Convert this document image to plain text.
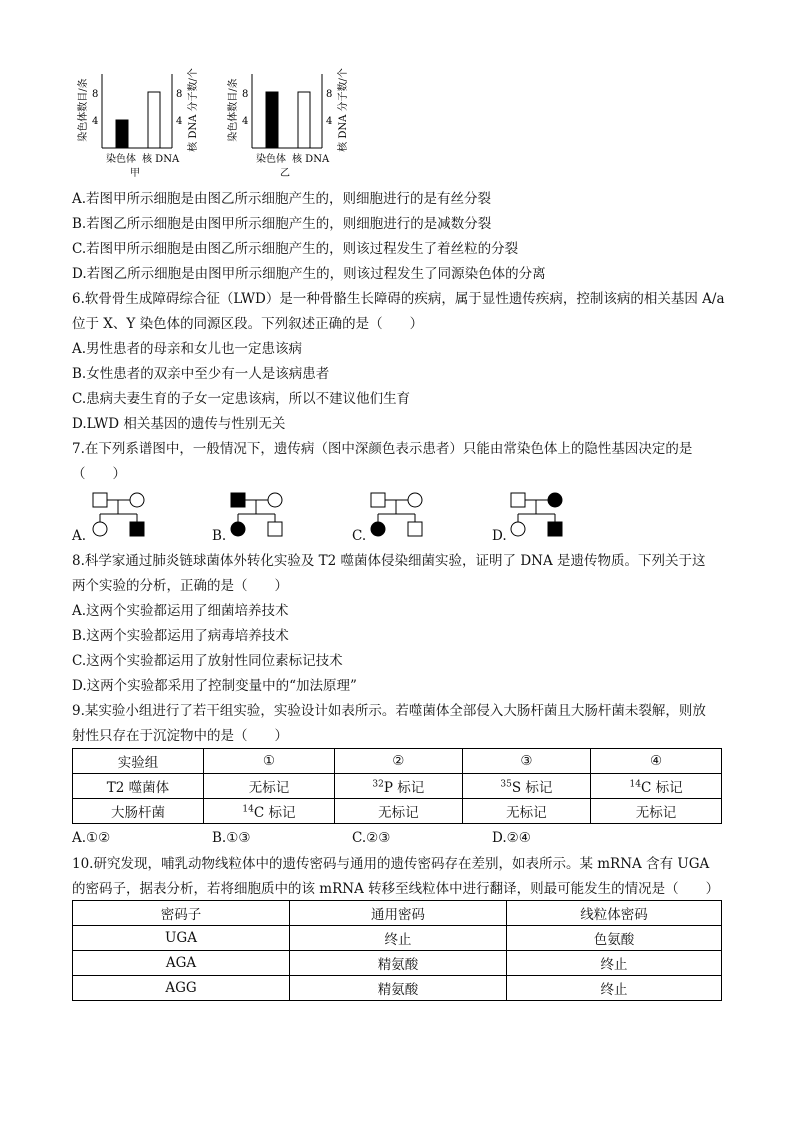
染色体数目/条 8
4
8
4 核 DNA 分子数/个
染色体 核 DNA
甲
染色体数目/条 8
4
8
4 核 DNA 分子数/个
染色体 核 DNA
乙
A.若图甲所示细胞是由图乙所示细胞产生的，则细胞进行的是有丝分裂
B.若图乙所示细胞是由图甲所示细胞产生的，则细胞进行的是减数分裂
C.若图甲所示细胞是由图乙所示细胞产生的，则该过程发生了着丝粒的分裂
D.若图乙所示细胞是由图甲所示细胞产生的，则该过程发生了同源染色体的分离
6.软骨骨生成障碍综合征（LWD）是一种骨骼生长障碍的疾病，属于显性遗传疾病，控制该病的相关基因 A/a
位于 X、Y 染色体的同源区段。下列叙述正确的是（　　）
A.男性患者的母亲和女儿也一定患该病
B.女性患者的双亲中至少有一人是该病患者
C.患病夫妻生育的子女一定患该病，所以不建议他们生育
D.LWD 相关基因的遗传与性别无关
7.在下列系谱图中，一般情况下，遗传病（图中深颜色表示患者）只能由常染色体上的隐性基因决定的是
（　　）
A.	B.	C.	D.
8.科学家通过肺炎链球菌体外转化实验及 T2 噬菌体侵染细菌实验，证明了 DNA 是遗传物质。下列关于这
两个实验的分析，正确的是（　　）
A.这两个实验都运用了细菌培养技术
B.这两个实验都运用了病毒培养技术
C.这两个实验都运用了放射性同位素标记技术
D.这两个实验都采用了控制变量中的“加法原理”
9.某实验小组进行了若干组实验，实验设计如表所示。若噬菌体全部侵入大肠杆菌且大肠杆菌未裂解，则放
射性只存在于沉淀物中的是（　　）
实验组	①	②	③	④
T2 噬菌体	无标记	$^{32}$P 标记	$^{35}$S 标记	$^{14}$C 标记
大肠杆菌	$^{14}$C 标记	无标记	无标记	无标记
A.①②	B.①③	C.②③	D.②④
10.研究发现，哺乳动物线粒体中的遗传密码与通用的遗传密码存在差别，如表所示。某 mRNA 含有 UGA
的密码子，据表分析，若将细胞质中的该 mRNA 转移至线粒体中进行翻译，则最可能发生的情况是（　　）
密码子	通用密码	线粒体密码
UGA	终止	色氨酸
AGA	精氨酸	终止
AGG	精氨酸	终止
